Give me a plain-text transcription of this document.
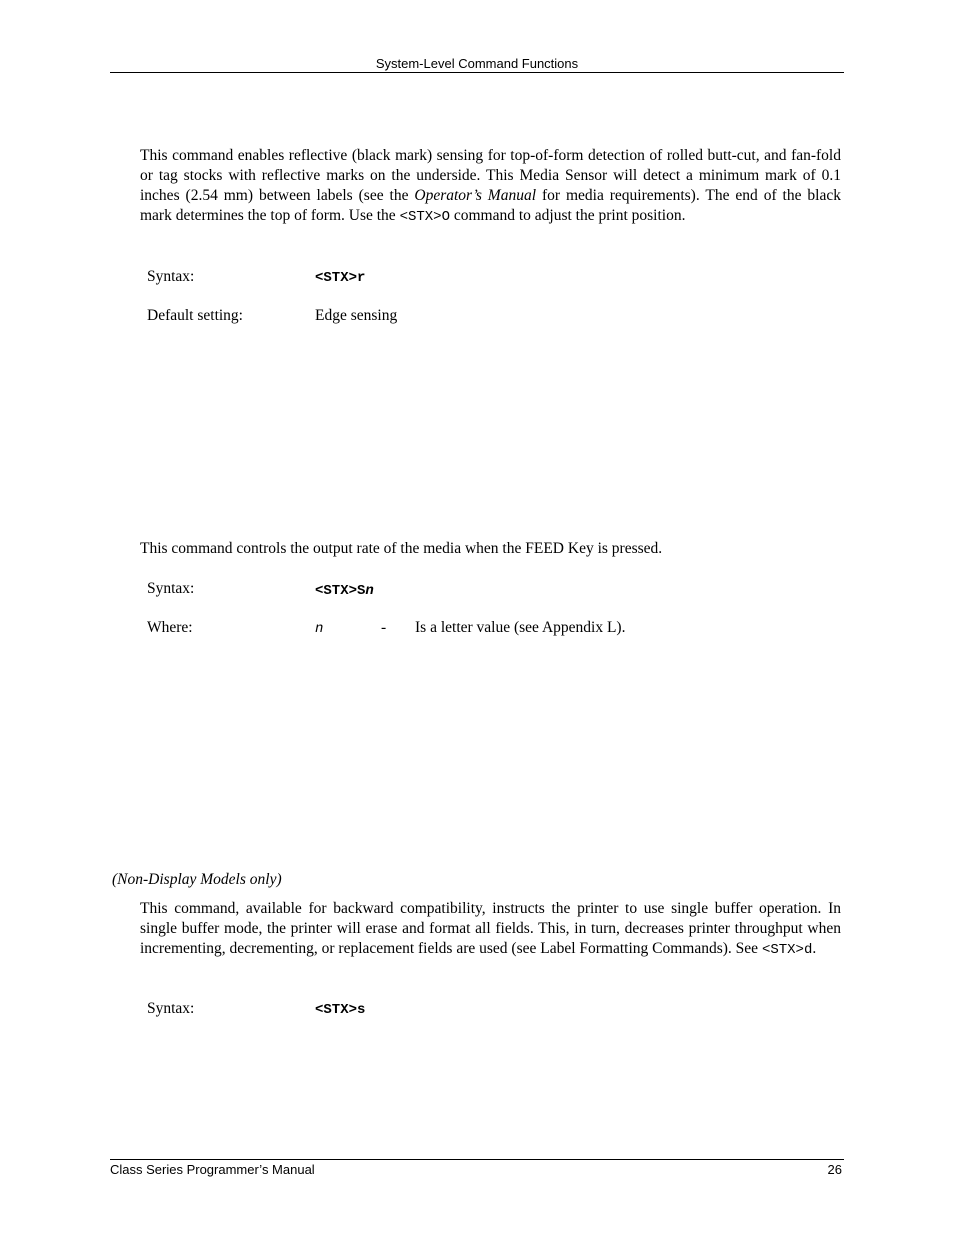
System-Level Command Functions
This command enables reflective (black mark) sensing for top-of-form detection of rolled butt-cut, and fan-fold or tag stocks with reflective marks on the underside. This Media Sensor will detect a minimum mark of 0.1 inches (2.54 mm) between labels (see the Operator’s Manual for media requirements). The end of the black mark determines the top of form. Use the <STX>O command to adjust the print position.
Syntax:	<STX>r
Default setting:	Edge sensing
This command controls the output rate of the media when the FEED Key is pressed.
Syntax:	<STX>Sn
Where:	n	- Is a letter value (see Appendix L).
(Non-Display Models only)
This command, available for backward compatibility, instructs the printer to use single buffer operation. In single buffer mode, the printer will erase and format all fields. This, in turn, decreases printer throughput when incrementing, decrementing, or replacement fields are used (see Label Formatting Commands). See <STX>d.
Syntax:	<STX>s
Class Series Programmer’s Manual	26
